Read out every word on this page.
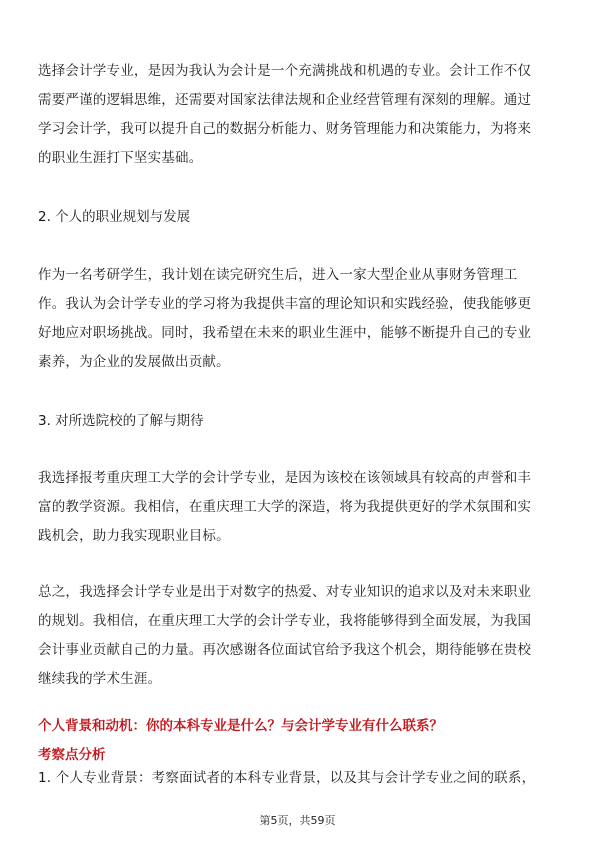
选择会计学专业，是因为我认为会计是一个充满挑战和机遇的专业。会计工作不仅
需要严谨的逻辑思维，还需要对国家法律法规和企业经营管理有深刻的理解。通过
学习会计学，我可以提升自己的数据分析能力、财务管理能力和决策能力，为将来
的职业生涯打下坚实基础。
2. 个人的职业规划与发展
作为一名考研学生，我计划在读完研究生后，进入一家大型企业从事财务管理工
作。我认为会计学专业的学习将为我提供丰富的理论知识和实践经验，使我能够更
好地应对职场挑战。同时，我希望在未来的职业生涯中，能够不断提升自己的专业
素养，为企业的发展做出贡献。
3. 对所选院校的了解与期待
我选择报考重庆理工大学的会计学专业，是因为该校在该领域具有较高的声誉和丰
富的教学资源。我相信，在重庆理工大学的深造，将为我提供更好的学术氛围和实
践机会，助力我实现职业目标。
总之，我选择会计学专业是出于对数字的热爱、对专业知识的追求以及对未来职业
的规划。我相信，在重庆理工大学的会计学专业，我将能够得到全面发展，为我国
会计事业贡献自己的力量。再次感谢各位面试官给予我这个机会，期待能够在贵校
继续我的学术生涯。
个人背景和动机：你的本科专业是什么？与会计学专业有什么联系？
考察点分析
1. 个人专业背景：考察面试者的本科专业背景，以及其与会计学专业之间的联系，
第5页，共59页
